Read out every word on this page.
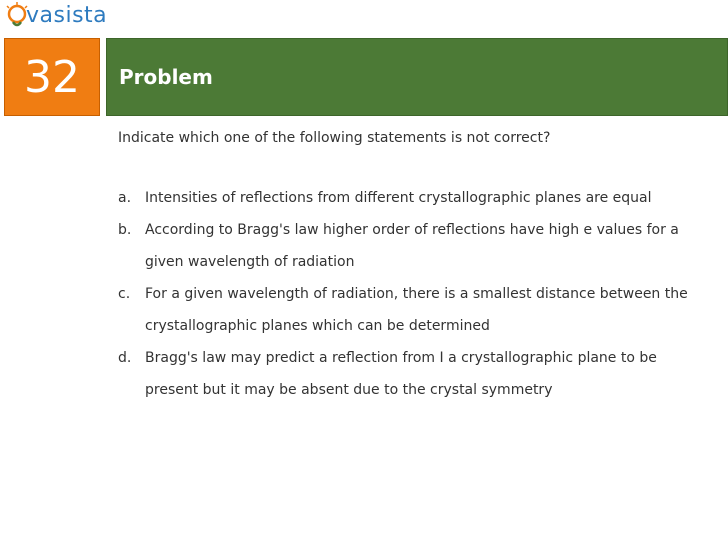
vasista
32 Problem

Indicate which one of the following statements is not correct?

a. Intensities of reflections from different crystallographic planes are equal
b. According to Bragg's law higher order of reflections have high e values for a given wavelength of radiation
c.	For a given wavelength of radiation, there is a smallest distance between the crystallographic planes which can be determined
d. Bragg's law may predict a reflection from I a crystallographic plane to be present but it may be absent due to the crystal symmetry
